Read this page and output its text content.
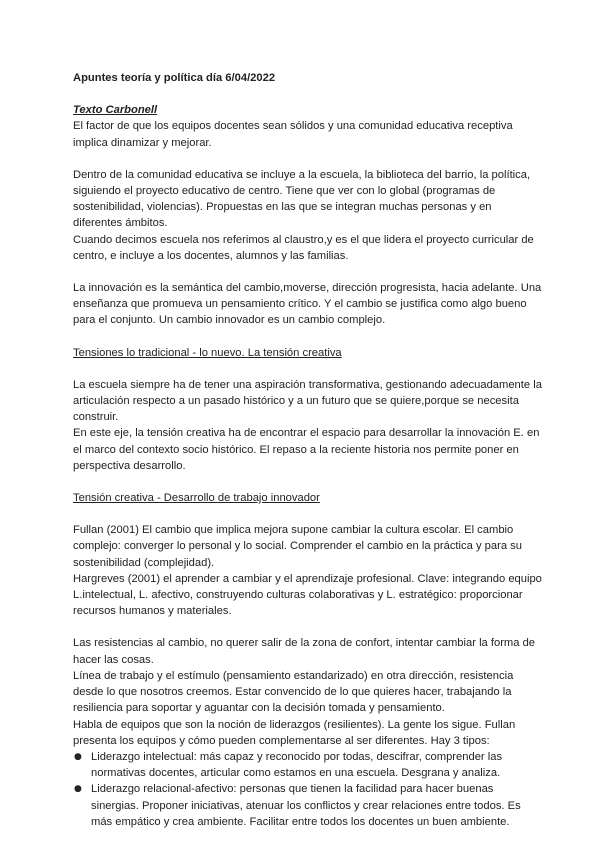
Apuntes teoría y política día 6/04/2022

Texto Carbonell

El factor de que los equipos docentes sean sólidos y una comunidad educativa receptiva implica dinamizar y mejorar.

Dentro de la comunidad educativa se incluye a la escuela, la biblioteca del barrio, la política, siguiendo el proyecto educativo de centro. Tiene que ver con lo global (programas de sostenibilidad, violencias). Propuestas en las que se integran muchas personas y en diferentes ámbitos.

Cuando decimos escuela nos referimos al claustro,y es el que lidera el proyecto curricular de centro, e incluye a los docentes, alumnos y las familias.

La innovación es la semántica del cambio,moverse, dirección progresista, hacia adelante. Una enseñanza que promueva un pensamiento crítico. Y el cambio se justifica como algo bueno para el conjunto. Un cambio innovador es un cambio complejo.

Tensiones lo tradicional - lo nuevo. La tensión creativa

La escuela siempre ha de tener una aspiración transformativa, gestionando adecuadamente la articulación respecto a un pasado histórico y a un futuro que se quiere,porque se necesita construir.

En este eje, la tensión creativa ha de encontrar el espacio para desarrollar la innovación E. en el marco del contexto socio histórico. El repaso a la reciente historia nos permite poner en perspectiva desarrollo.

Tensión creativa - Desarrollo de trabajo innovador

Fullan (2001) El cambio que implica mejora supone cambiar la cultura escolar. El cambio complejo: converger lo personal y lo social. Comprender el cambio en la práctica y para su sostenibilidad (complejidad).

Hargreves (2001) el aprender a cambiar y el aprendizaje profesional. Clave: integrando equipo L.intelectual, L. afectivo, construyendo culturas colaborativas y L. estratégico: proporcionar recursos humanos y materiales.

Las resistencias al cambio, no querer salir de la zona de confort, intentar cambiar la forma de hacer las cosas.

Línea de trabajo y el estímulo (pensamiento estandarizado) en otra dirección, resistencia desde lo que nosotros creemos. Estar convencido de lo que quieres hacer, trabajando la resiliencia para soportar y aguantar con la decisión tomada y pensamiento.

Habla de equipos que son la noción de liderazgos (resilientes). La gente los sigue. Fullan presenta los equipos y cómo pueden complementarse al ser diferentes. Hay 3 tipos:

● Liderazgo intelectual: más capaz y reconocido por todas, descifrar, comprender las normativas docentes, articular como estamos en una escuela. Desgrana y analiza.
● Liderazgo relacional-afectivo: personas que tienen la facilidad para hacer buenas sinergias. Proponer iniciativas, atenuar los conflictos y crear relaciones entre todos. Es más empático y crea ambiente. Facilitar entre todos los docentes un buen ambiente.
